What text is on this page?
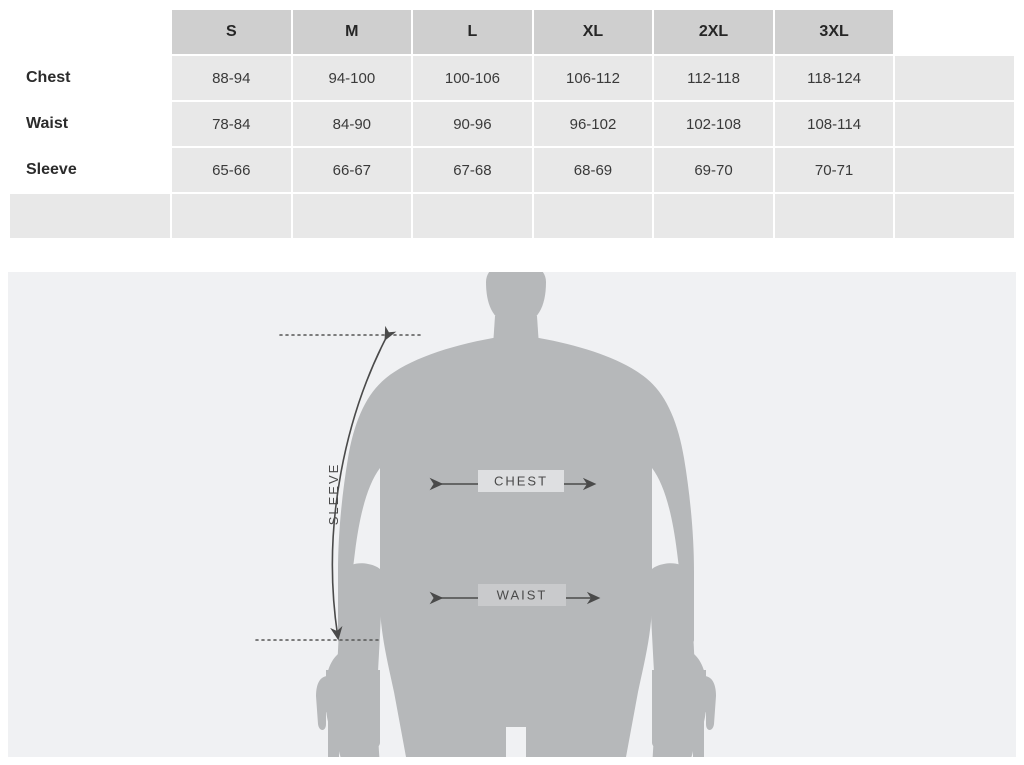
	S	M	L	XL	2XL	3XL	
Chest	88-94	94-100	100-106	106-112	112-118	118-124	
Waist	78-84	84-90	90-96	96-102	102-108	108-114	
Sleeve	65-66	66-67	67-68	68-69	69-70	70-71	

SLEEVE	CHEST
WAIST
